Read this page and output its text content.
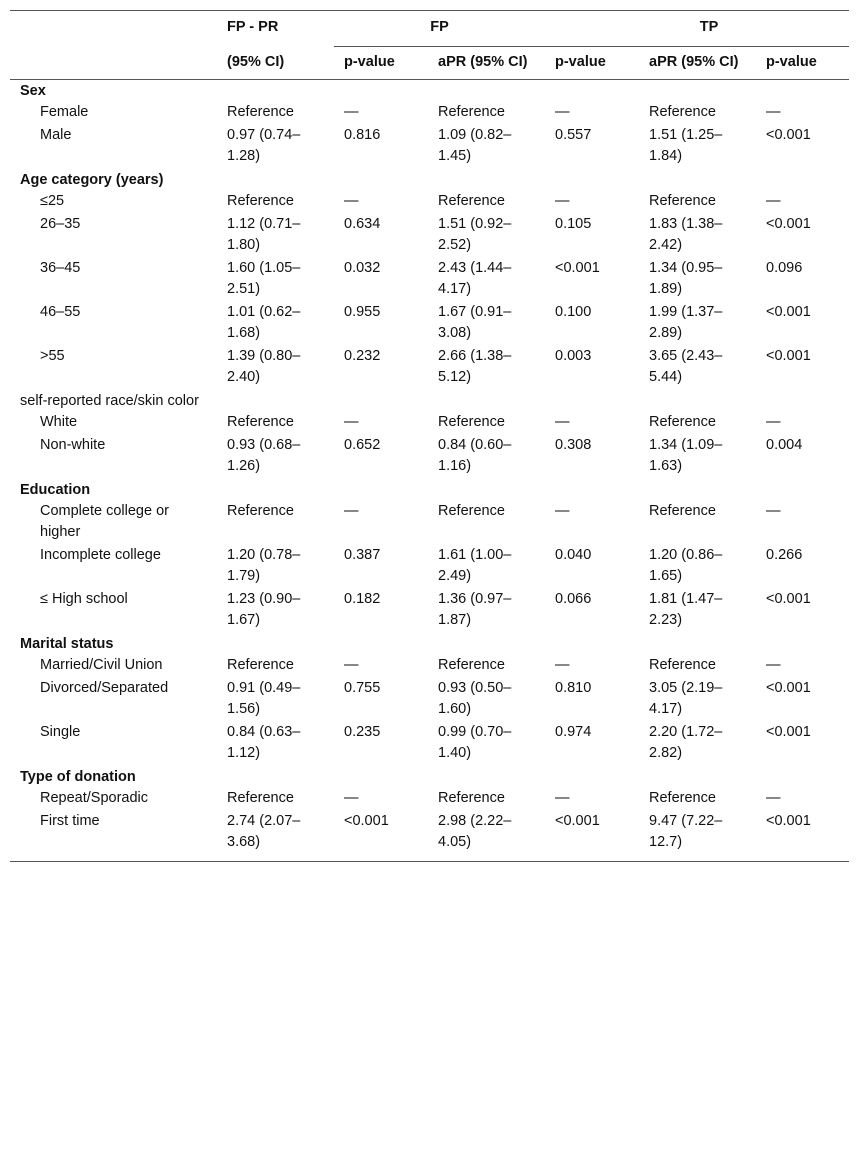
	FP - PR	FP		TP		
	(95% CI)	p-value	aPR (95% CI)	p-value	aPR (95% CI)	p-value
Sex						
Female	Reference	—	Reference	—	Reference	—
Male	0.97 (0.74–1.28)	0.816	1.09 (0.82–1.45)	0.557	1.51 (1.25–1.84)	<0.001
Age category (years)						
≤25	Reference	—	Reference	—	Reference	—
26–35	1.12 (0.71–1.80)	0.634	1.51 (0.92–2.52)	0.105	1.83 (1.38–2.42)	<0.001
36–45	1.60 (1.05–2.51)	0.032	2.43 (1.44–4.17)	<0.001	1.34 (0.95–1.89)	0.096
46–55	1.01 (0.62–1.68)	0.955	1.67 (0.91–3.08)	0.100	1.99 (1.37–2.89)	<0.001
>55	1.39 (0.80–2.40)	0.232	2.66 (1.38–5.12)	0.003	3.65 (2.43–5.44)	<0.001
self-reported race/skin color						
White	Reference	—	Reference	—	Reference	—
Non-white	0.93 (0.68–1.26)	0.652	0.84 (0.60–1.16)	0.308	1.34 (1.09–1.63)	0.004
Education						
Complete college or higher	Reference	—	Reference	—	Reference	—
Incomplete college	1.20 (0.78–1.79)	0.387	1.61 (1.00–2.49)	0.040	1.20 (0.86–1.65)	0.266
≤ High school	1.23 (0.90–1.67)	0.182	1.36 (0.97–1.87)	0.066	1.81 (1.47–2.23)	<0.001
Marital status						
Married/Civil Union	Reference	—	Reference	—	Reference	—
Divorced/Separated	0.91 (0.49–1.56)	0.755	0.93 (0.50–1.60)	0.810	3.05 (2.19–4.17)	<0.001
Single	0.84 (0.63–1.12)	0.235	0.99 (0.70–1.40)	0.974	2.20 (1.72–2.82)	<0.001
Type of donation						
Repeat/Sporadic	Reference	—	Reference	—	Reference	—
First time	2.74 (2.07–3.68)	<0.001	2.98 (2.22–4.05)	<0.001	9.47 (7.22–12.7)	<0.001
